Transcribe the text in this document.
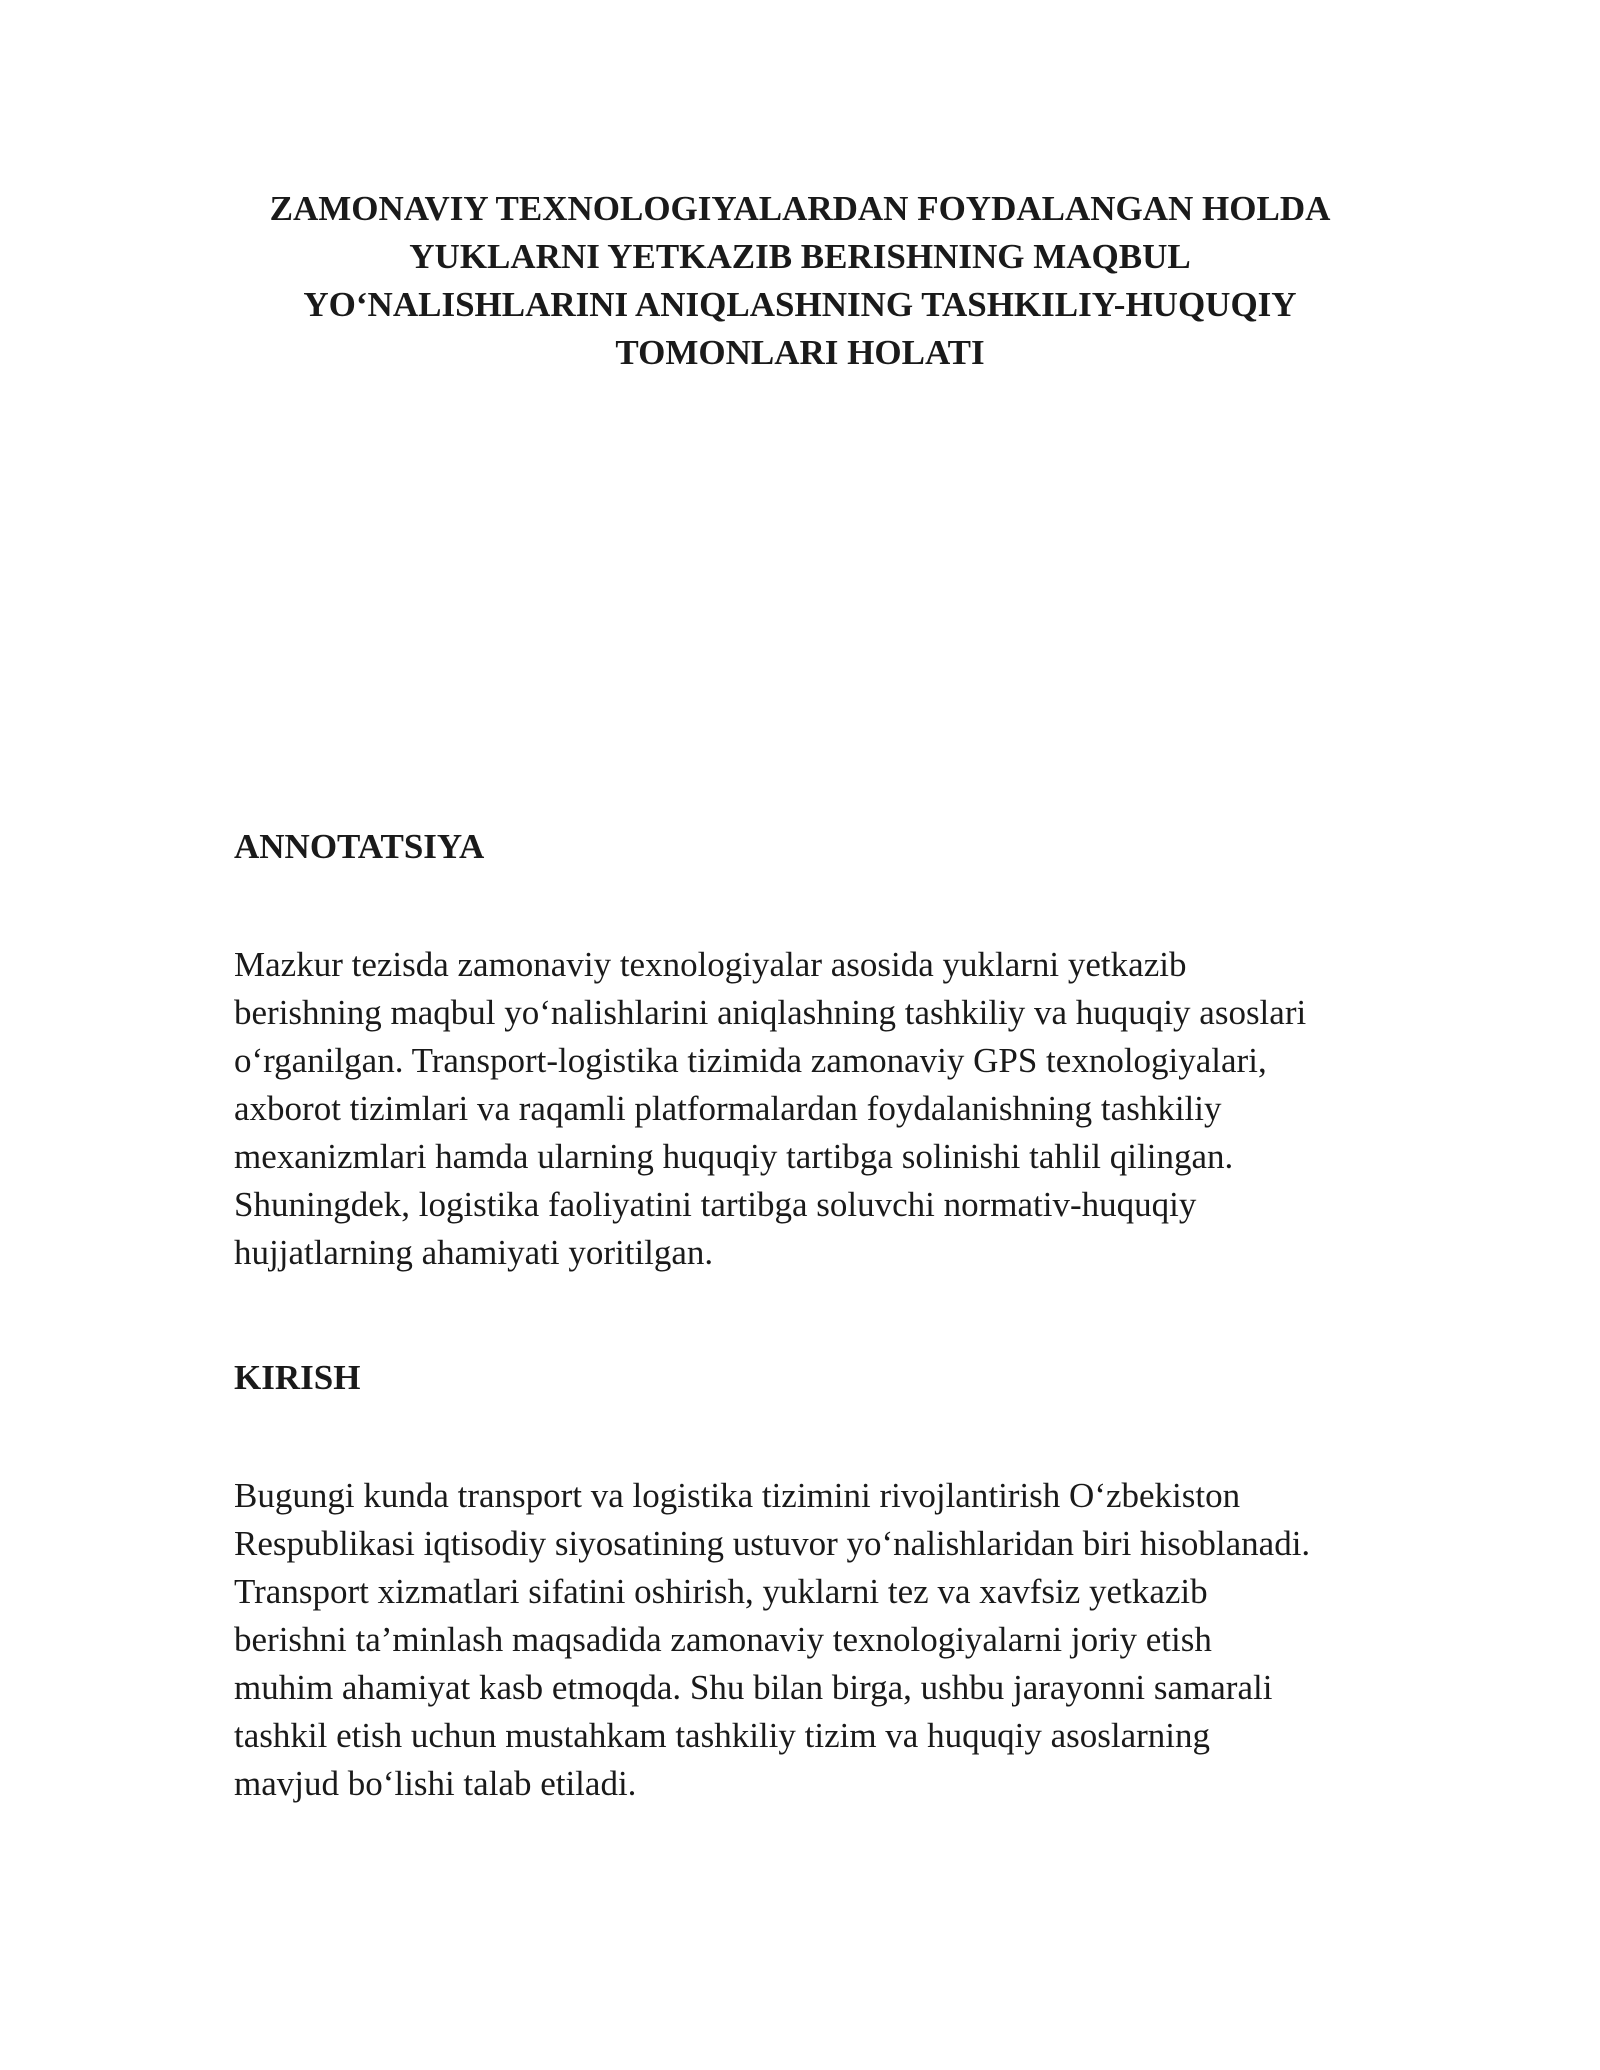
ZAMONAVIY TEXNOLOGIYALARDAN FOYDALANGAN HOLDA
YUKLARNI YETKAZIB BERISHNING MAQBUL
YO‘NALISHLARINI ANIQLASHNING TASHKILIY-HUQUQIY
TOMONLARI HOLATI
ANNOTATSIYA

Mazkur tezisda zamonaviy texnologiyalar asosida yuklarni yetkazib
berishning maqbul yo‘nalishlarini aniqlashning tashkiliy va huquqiy asoslari
o‘rganilgan. Transport-logistika tizimida zamonaviy GPS texnologiyalari,
axborot tizimlari va raqamli platformalardan foydalanishning tashkiliy
mexanizmlari hamda ularning huquqiy tartibga solinishi tahlil qilingan.
Shuningdek, logistika faoliyatini tartibga soluvchi normativ-huquqiy
hujjatlarning ahamiyati yoritilgan.

KIRISH

Bugungi kunda transport va logistika tizimini rivojlantirish O‘zbekiston
Respublikasi iqtisodiy siyosatining ustuvor yo‘nalishlaridan biri hisoblanadi.
Transport xizmatlari sifatini oshirish, yuklarni tez va xavfsiz yetkazib
berishni ta’minlash maqsadida zamonaviy texnologiyalarni joriy etish
muhim ahamiyat kasb etmoqda. Shu bilan birga, ushbu jarayonni samarali
tashkil etish uchun mustahkam tashkiliy tizim va huquqiy asoslarning
mavjud bo‘lishi talab etiladi.
